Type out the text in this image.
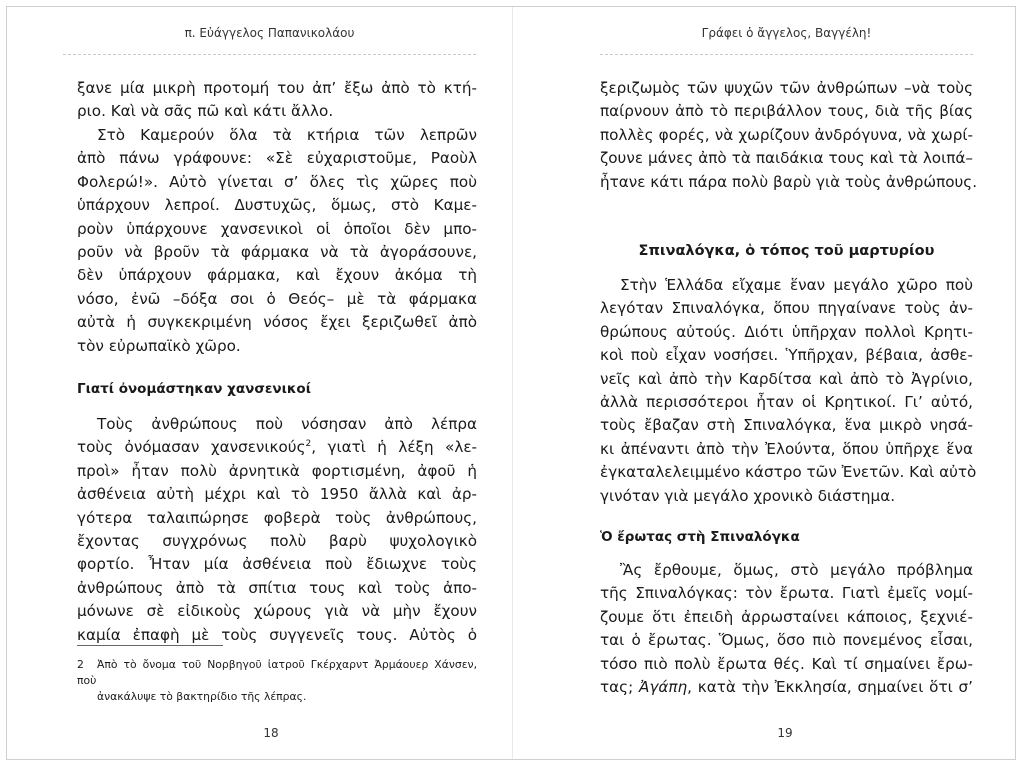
π. Εὐάγγελος Παπανικολάου
ξανε μία μικρὴ προτομή του ἀπ’ ἔξω ἀπὸ τὸ κτή-
ριο. Καὶ νὰ σᾶς πῶ καὶ κάτι ἄλλο.
Στὸ Καμερούν ὅλα τὰ κτήρια τῶν λεπρῶν
ἀπὸ πάνω γράφουνε: «Σὲ εὐχαριστοῦμε, Ραοὺλ
Φολερώ!». Αὐτὸ γίνεται σ’ ὅλες τὶς χῶρες ποὺ
ὑπάρχουν λεπροί. Δυστυχῶς, ὅμως, στὸ Καμε-
ροὺν ὑπάρχουνε χανσενικοὶ οἱ ὁποῖοι δὲν μπο-
ροῦν νὰ βροῦν τὰ φάρμακα νὰ τὰ ἀγοράσουνε,
δὲν ὑπάρχουν φάρμακα, καὶ ἔχουν ἀκόμα τὴ
νόσο, ἐνῶ –δόξα σοι ὁ Θεός– μὲ τὰ φάρμακα
αὐτὰ ἡ συγκεκριμένη νόσος ἔχει ξεριζωθεῖ ἀπὸ
τὸν εὐρωπαϊκὸ χῶρο.
Γιατί ὀνομάστηκαν χανσενικοί
Τοὺς ἀνθρώπους ποὺ νόσησαν ἀπὸ λέπρα
τοὺς ὀνόμασαν χανσενικούς$^2$, γιατὶ ἡ λέξη «λε-
προὶ» ἦταν πολὺ ἀρνητικὰ φορτισμένη, ἀφοῦ ἡ
ἀσθένεια αὐτὴ μέχρι καὶ τὸ 1950 ἄλλὰ καὶ ἀρ-
γότερα ταλαιπώρησε φοβερὰ τοὺς ἀνθρώπους,
ἔχοντας συγχρόνως πολὺ βαρὺ ψυχολογικὸ
φορτίο. Ἦταν μία ἀσθένεια ποὺ ἔδιωχνε τοὺς
ἀνθρώπους ἀπὸ τὰ σπίτια τους καὶ τοὺς ἀπο-
μόνωνε σὲ εἰδικοὺς χώρους γιὰ νὰ μὴν ἔχουν
καμία ἐπαφὴ μὲ τοὺς συγγενεῖς τους. Αὐτὸς ὁ
2 Ἀπὸ τὸ ὄνομα τοῦ Νορβηγοῦ ἰατροῦ Γκέρχαρντ Ἀρμάουερ Χάνσεν, ποὺ
ἀνακάλυψε τὸ βακτηρίδιο τῆς λέπρας.
18
Γράφει ὁ ἄγγελος, Βαγγέλη!
ξεριζωμὸς τῶν ψυχῶν τῶν ἀνθρώπων –νὰ τοὺς
παίρνουν ἀπὸ τὸ περιβάλλον τους, διὰ τῆς βίας
πολλὲς φορές, νὰ χωρίζουν ἀνδρόγυνα, νὰ χωρί-
ζουνε μάνες ἀπὸ τὰ παιδάκια τους καὶ τὰ λοιπά–
ἦτανε κάτι πάρα πολὺ βαρὺ γιὰ τοὺς ἀνθρώπους.
Σπιναλόγκα, ὁ τόπος τοῦ μαρτυρίου
Στὴν Ἑλλάδα εἴχαμε ἕναν μεγάλο χῶρο ποὺ
λεγόταν Σπιναλόγκα, ὅπου πηγαίνανε τοὺς ἀν-
θρώπους αὐτούς. Διότι ὑπῆρχαν πολλοὶ Κρητι-
κοὶ ποὺ εἶχαν νοσήσει. Ὑπῆρχαν, βέβαια, ἀσθε-
νεῖς καὶ ἀπὸ τὴν Καρδίτσα καὶ ἀπὸ τὸ Ἀγρίνιο,
ἀλλὰ περισσότεροι ἦταν οἱ Κρητικοί. Γι’ αὐτό,
τοὺς ἔβαζαν στὴ Σπιναλόγκα, ἕνα μικρὸ νησά-
κι ἀπέναντι ἀπὸ τὴν Ἐλούντα, ὅπου ὑπῆρχε ἕνα
ἐγκαταλελειμμένο κάστρο τῶν Ἐνετῶν. Καὶ αὐτὸ
γινόταν γιὰ μεγάλο χρονικὸ διάστημα.
Ὁ ἔρωτας στὴ Σπιναλόγκα
Ἂς ἔρθουμε, ὅμως, στὸ μεγάλο πρόβλημα
τῆς Σπιναλόγκας: τὸν ἔρωτα. Γιατὶ ἐμεῖς νομί-
ζουμε ὅτι ἐπειδὴ ἀρρωσταίνει κάποιος, ξεχνιέ-
ται ὁ ἔρωτας. Ὅμως, ὅσο πιὸ πονεμένος εἶσαι,
τόσο πιὸ πολὺ ἔρωτα θές. Καὶ τί σημαίνει ἔρω-
τας; Ἀγάπη, κατὰ τὴν Ἐκκλησία, σημαίνει ὅτι σ’
19
